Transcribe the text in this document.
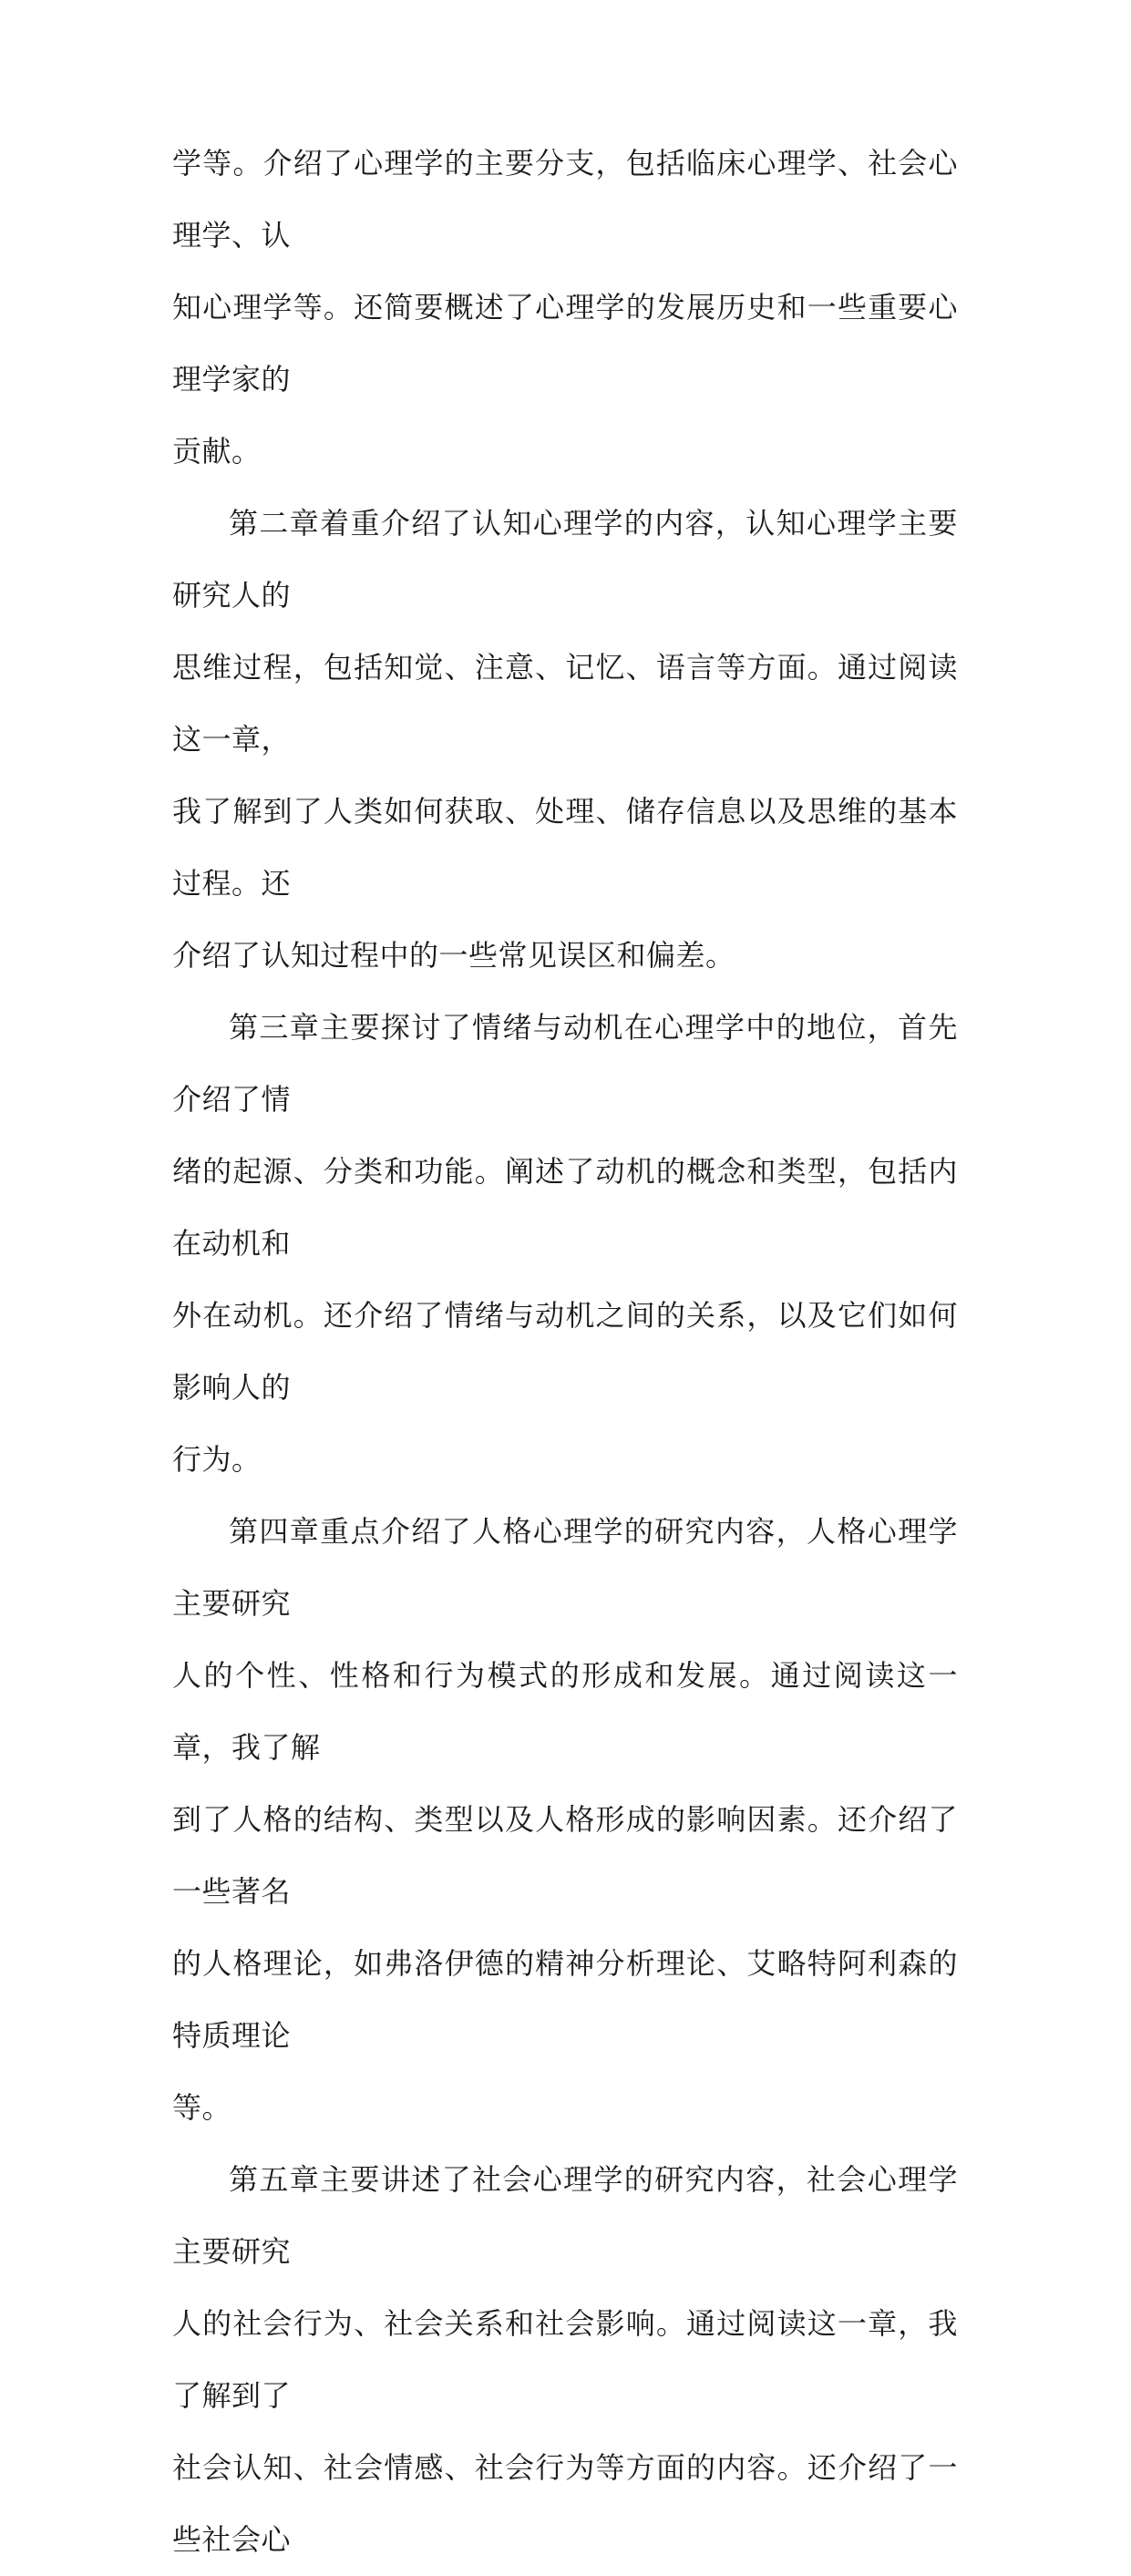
学等。介绍了心理学的主要分支，包括临床心理学、社会心理学、认
知心理学等。还简要概述了心理学的发展历史和一些重要心理学家的
贡献。

第二章着重介绍了认知心理学的内容，认知心理学主要研究人的
思维过程，包括知觉、注意、记忆、语言等方面。通过阅读这一章，
我了解到了人类如何获取、处理、储存信息以及思维的基本过程。还
介绍了认知过程中的一些常见误区和偏差。

第三章主要探讨了情绪与动机在心理学中的地位，首先介绍了情
绪的起源、分类和功能。阐述了动机的概念和类型，包括内在动机和
外在动机。还介绍了情绪与动机之间的关系，以及它们如何影响人的
行为。

第四章重点介绍了人格心理学的研究内容，人格心理学主要研究
人的个性、性格和行为模式的形成和发展。通过阅读这一章，我了解
到了人格的结构、类型以及人格形成的影响因素。还介绍了一些著名
的人格理论，如弗洛伊德的精神分析理论、艾略特阿利森的特质理论
等。

第五章主要讲述了社会心理学的研究内容，社会心理学主要研究
人的社会行为、社会关系和社会影响。通过阅读这一章，我了解到了
社会认知、社会情感、社会行为等方面的内容。还介绍了一些社会心
